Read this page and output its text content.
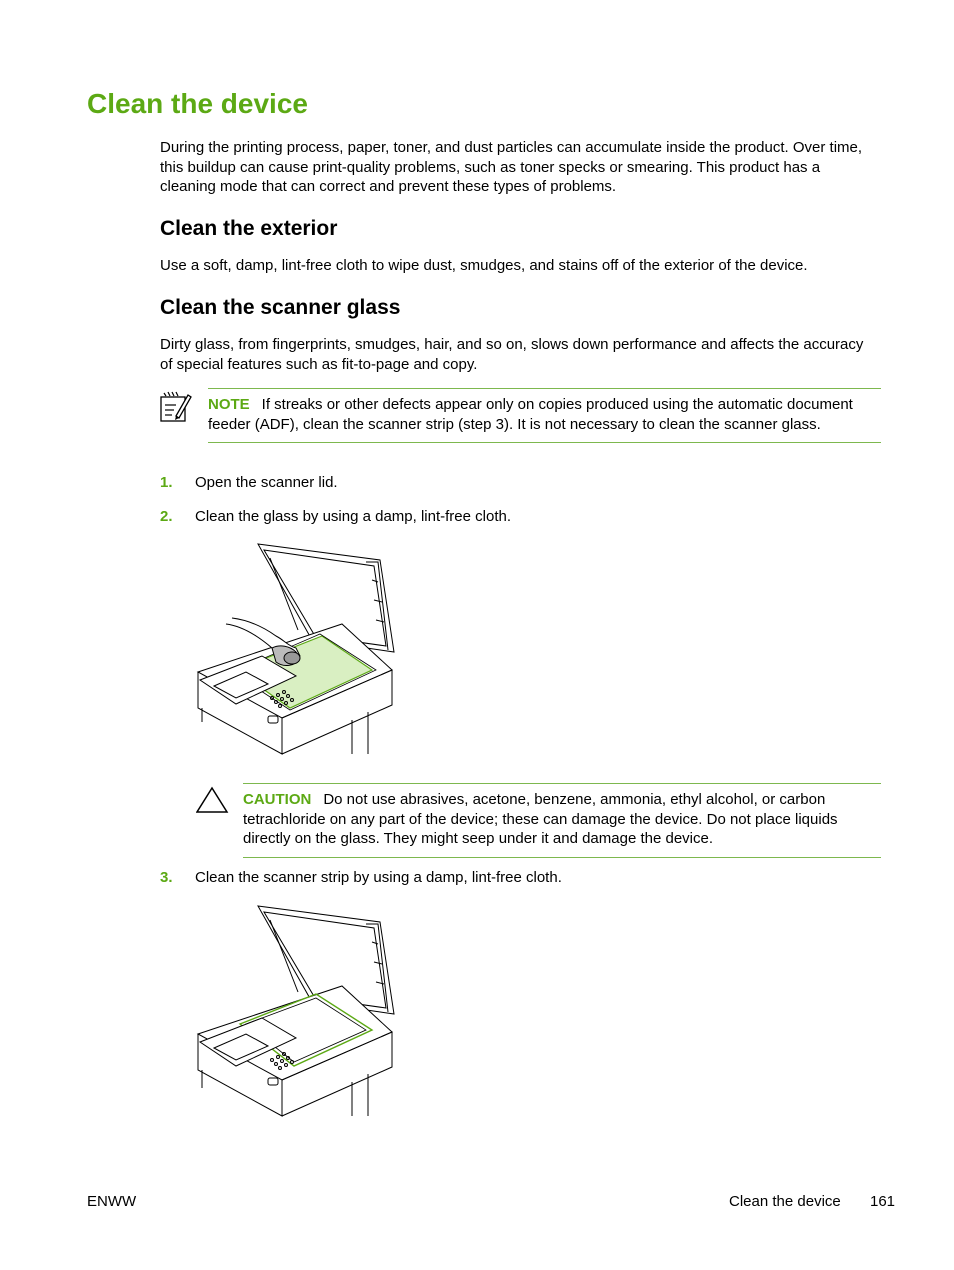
Clean the device

During the printing process, paper, toner, and dust particles can accumulate inside the product. Over time, this buildup can cause print-quality problems, such as toner specks or smearing. This product has a cleaning mode that can correct and prevent these types of problems.

Clean the exterior

Use a soft, damp, lint-free cloth to wipe dust, smudges, and stains off of the exterior of the device.

Clean the scanner glass

Dirty glass, from fingerprints, smudges, hair, and so on, slows down performance and affects the accuracy of special features such as fit-to-page and copy.

NOTE If streaks or other defects appear only on copies produced using the automatic document feeder (ADF), clean the scanner strip (step 3). It is not necessary to clean the scanner glass.
1. Open the scanner lid.
2. Clean the glass by using a damp, lint-free cloth.
CAUTION Do not use abrasives, acetone, benzene, ammonia, ethyl alcohol, or carbon tetrachloride on any part of the device; these can damage the device. Do not place liquids directly on the glass. They might seep under it and damage the device.
3. Clean the scanner strip by using a damp, lint-free cloth.
ENWW	Clean the device 161
